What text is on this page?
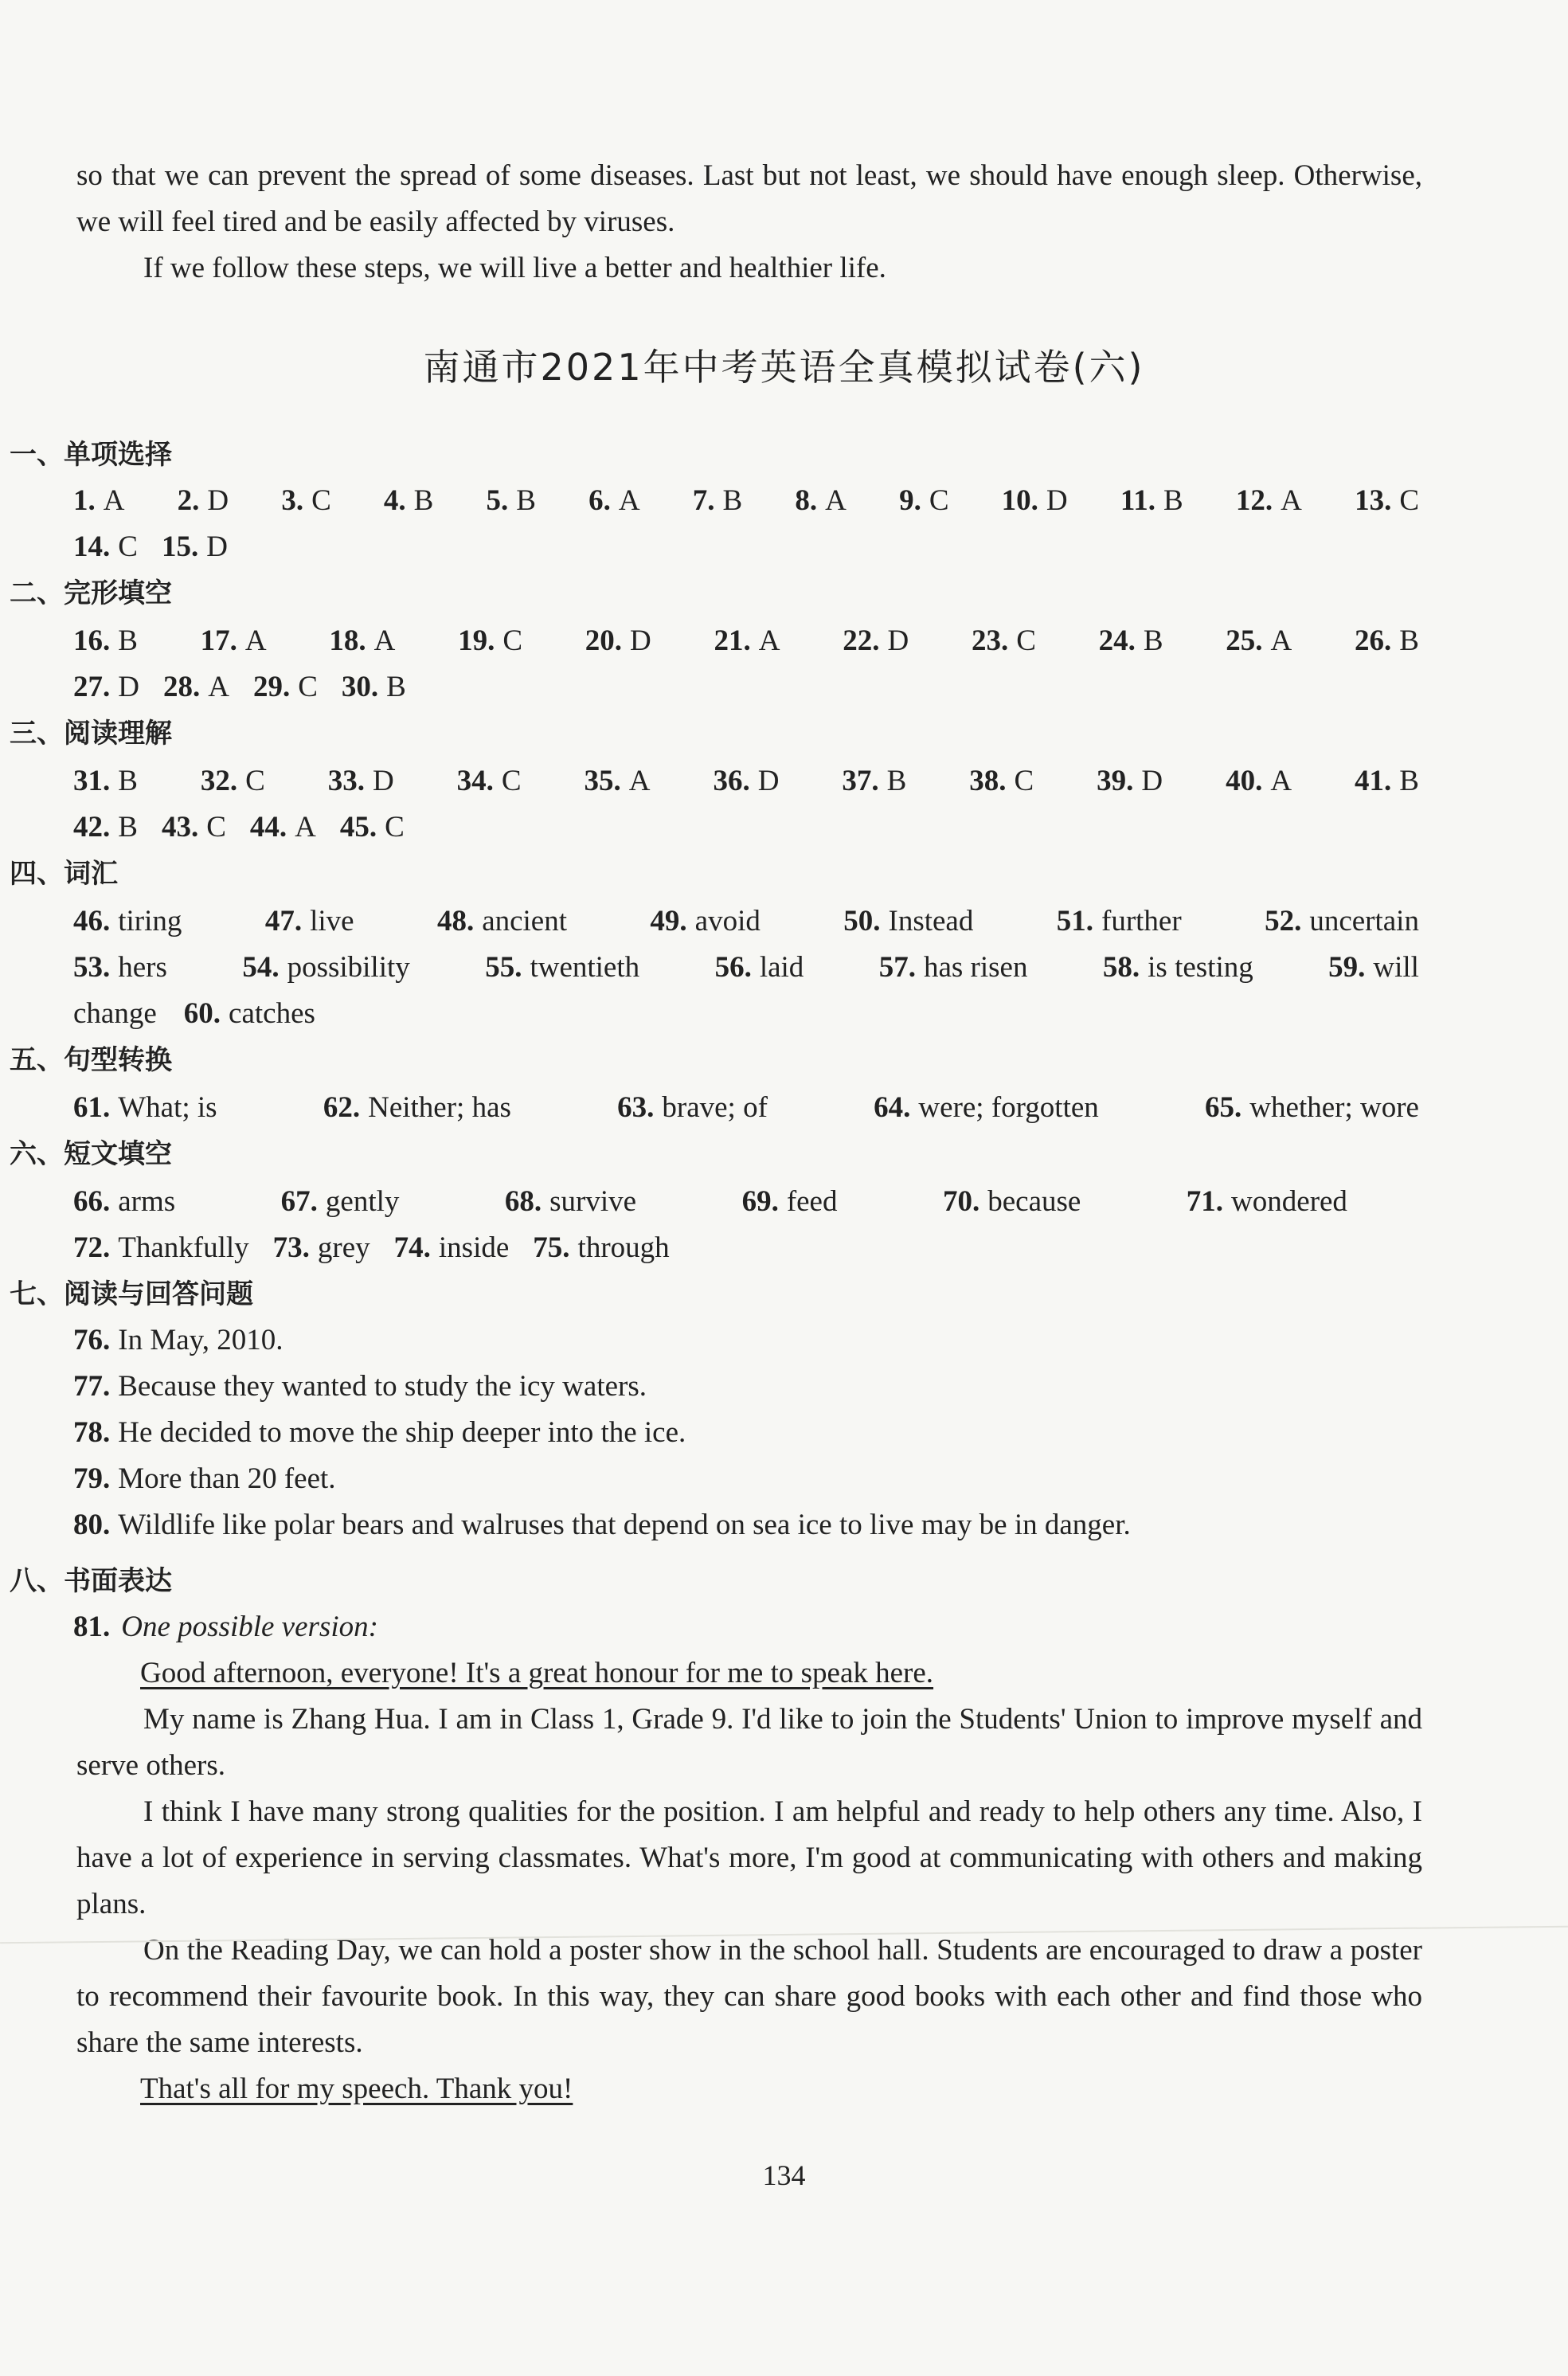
so that we can prevent the spread of some diseases. Last but not least, we should have enough sleep. Otherwise, we will feel tired and be easily affected by viruses.
If we follow these steps, we will live a better and healthier life.
南通市2021年中考英语全真模拟试卷(六)
一、单项选择
1. A 2. D 3. C 4. B 5. B 6. A 7. B 8. A 9. C 10. D 11. B 12. A 13. C
14. C 15. D
二、完形填空
16. B 17. A 18. A 19. C 20. D 21. A 22. D 23. C 24. B 25. A 26. B
27. D 28. A 29. C 30. B
三、阅读理解
31. B 32. C 33. D 34. C 35. A 36. D 37. B 38. C 39. D 40. A 41. B
42. B 43. C 44. A 45. C
四、词汇
46. tiring	47. live	48. ancient	49. avoid	50. Instead	51. further	52. uncertain
53. hers	54. possibility	55. twentieth	56. laid	57. has risen	58. is testing	59. will
change 60. catches
五、句型转换
61. What; is	62. Neither; has	63. brave; of	64. were; forgotten	65. whether; wore
六、短文填空
66. arms	67. gently	68. survive	69. feed	70. because	71. wondered
72. Thankfully 73. grey 74. inside 75. through
七、阅读与回答问题
76. In May, 2010.
77. Because they wanted to study the icy waters.
78. He decided to move the ship deeper into the ice.
79. More than 20 feet.
80. Wildlife like polar bears and walruses that depend on sea ice to live may be in danger.
八、书面表达
81. One possible version:
Good afternoon, everyone! It's a great honour for me to speak here.
My name is Zhang Hua. I am in Class 1, Grade 9. I'd like to join the Students' Union to improve myself and serve others.
I think I have many strong qualities for the position. I am helpful and ready to help others any time. Also, I have a lot of experience in serving classmates. What's more, I'm good at communicating with others and making plans.
On the Reading Day, we can hold a poster show in the school hall. Students are encouraged to draw a poster to recommend their favourite book. In this way, they can share good books with each other and find those who share the same interests.
That's all for my speech. Thank you!
134
